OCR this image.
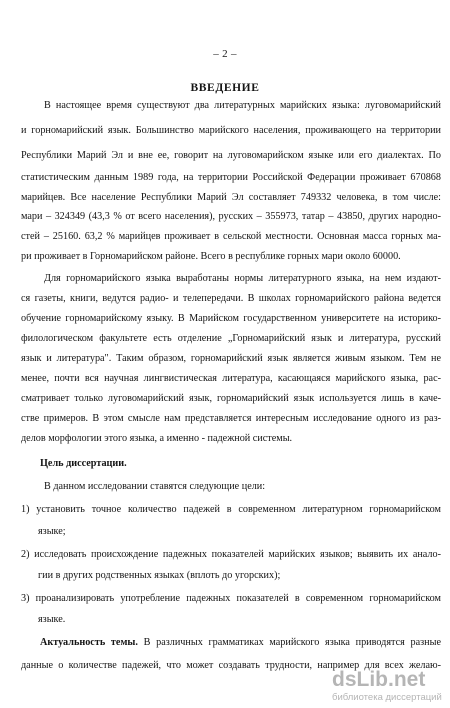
– 2 –
ВВЕДЕНИЕ
В настоящее время существуют два литературных марийских языка: луговомарийский
и горномарийский язык. Большинство марийского населения, проживающего на территории
Республики Марий Эл и вне ее, говорит на луговомарийском языке или его диалектах. По
статистическим данным 1989 года, на территории Российской Федерации проживает 670868
марийцев. Все население Республики Марий Эл составляет 749332 человека, в том числе:
мари – 324349 (43,3 % от всего населения), русских – 355973, татар – 43850, других народно-
стей – 25160. 63,2 % марийцев проживает в сельской местности. Основная масса горных ма-
ри проживает в Горномарийском районе. Всего в республике горных мари около 60000.
Для горномарийского языка выработаны нормы литературного языка, на нем издают-
ся газеты, книги, ведутся радио- и телепередачи. В школах горномарийского района ведется
обучение горномарийскому языку. В Марийском государственном университете на историко-
филологическом факультете есть отделение „Горномарийский язык и литература, русский
язык и литература". Таким образом, горномарийский язык является живым языком. Тем не
менее, почти вся научная лингвистическая литература, касающаяся марийского языка, рас-
сматривает только луговомарийский язык, горномарийский язык используется лишь в каче-
стве примеров. В этом смысле нам представляется интересным исследование одного из раз-
делов морфологии этого языка, а именно - падежной системы.
Цель диссертации.
В данном исследовании ставятся следующие цели:
1) установить точное количество падежей в современном литературном горномарийском
языке;
2) исследовать происхождение падежных показателей марийских языков; выявить их анало-
гии в других родственных языках (вплоть до угорских);
3) проанализировать употребление падежных показателей в современном горномарийском
языке.
Актуальность темы. В различных грамматиках марийского языка приводятся разные
данные о количестве падежей, что может создавать трудности, например для всех желаю-
dsLib.net
библиотека диссертаций
